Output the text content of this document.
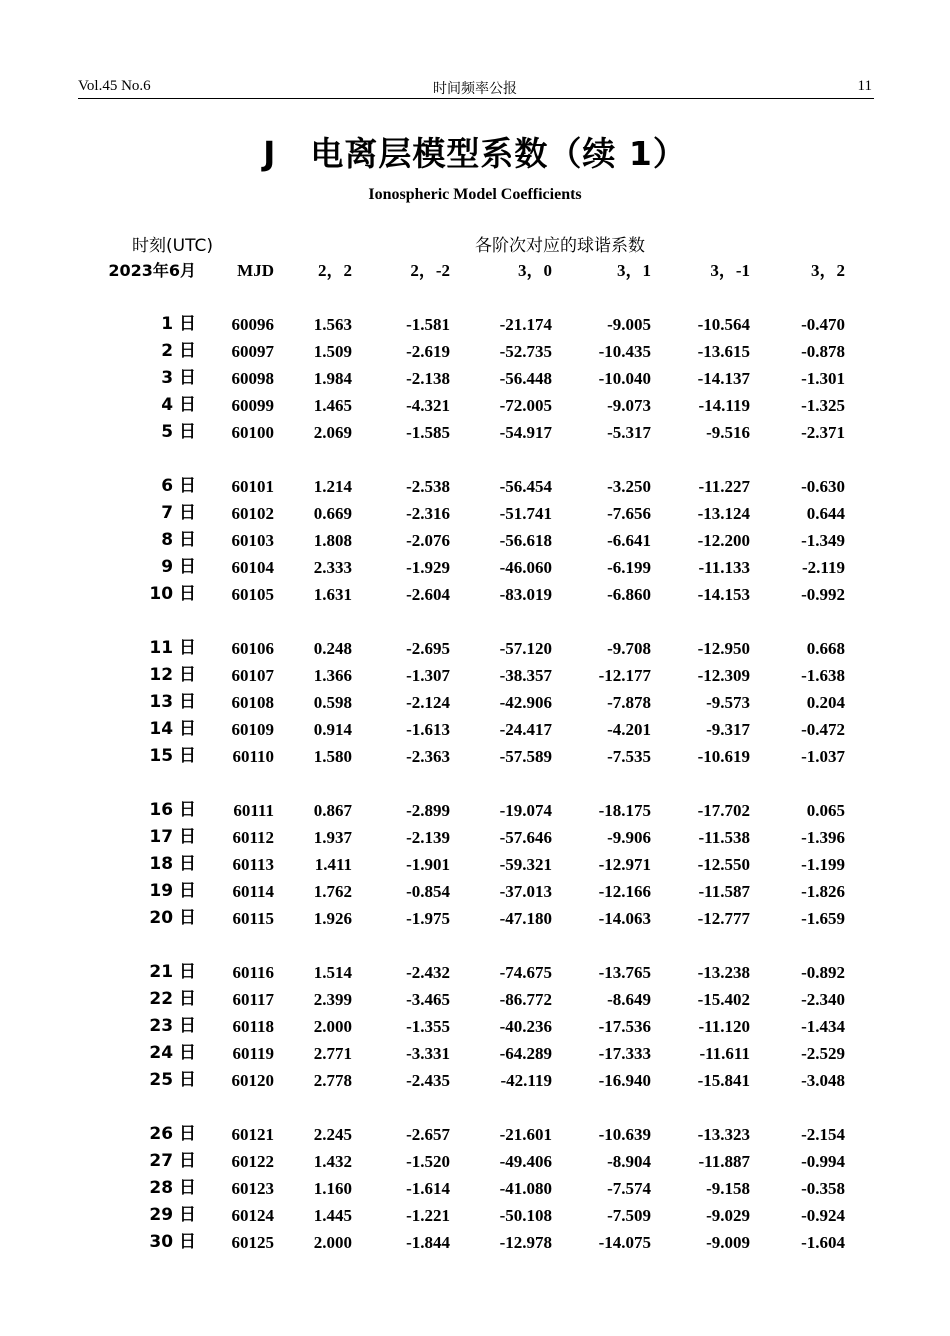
Vol.45 No.6	时间频率公报	11
J　电离层模型系数（续 1）
Ionospheric Model Coefficients
时刻(UTC)	各阶次对应的球谐系数
2023年6月	MJD	2，2	2，-2	3，0	3，1	3，-1	3，2

1 日	60096	1.563	-1.581	-21.174	-9.005	-10.564	-0.470
2 日	60097	1.509	-2.619	-52.735	-10.435	-13.615	-0.878
3 日	60098	1.984	-2.138	-56.448	-10.040	-14.137	-1.301
4 日	60099	1.465	-4.321	-72.005	-9.073	-14.119	-1.325
5 日	60100	2.069	-1.585	-54.917	-5.317	-9.516	-2.371

6 日	60101	1.214	-2.538	-56.454	-3.250	-11.227	-0.630
7 日	60102	0.669	-2.316	-51.741	-7.656	-13.124	0.644
8 日	60103	1.808	-2.076	-56.618	-6.641	-12.200	-1.349
9 日	60104	2.333	-1.929	-46.060	-6.199	-11.133	-2.119
10 日	60105	1.631	-2.604	-83.019	-6.860	-14.153	-0.992

11 日	60106	0.248	-2.695	-57.120	-9.708	-12.950	0.668
12 日	60107	1.366	-1.307	-38.357	-12.177	-12.309	-1.638
13 日	60108	0.598	-2.124	-42.906	-7.878	-9.573	0.204
14 日	60109	0.914	-1.613	-24.417	-4.201	-9.317	-0.472
15 日	60110	1.580	-2.363	-57.589	-7.535	-10.619	-1.037

16 日	60111	0.867	-2.899	-19.074	-18.175	-17.702	0.065
17 日	60112	1.937	-2.139	-57.646	-9.906	-11.538	-1.396
18 日	60113	1.411	-1.901	-59.321	-12.971	-12.550	-1.199
19 日	60114	1.762	-0.854	-37.013	-12.166	-11.587	-1.826
20 日	60115	1.926	-1.975	-47.180	-14.063	-12.777	-1.659

21 日	60116	1.514	-2.432	-74.675	-13.765	-13.238	-0.892
22 日	60117	2.399	-3.465	-86.772	-8.649	-15.402	-2.340
23 日	60118	2.000	-1.355	-40.236	-17.536	-11.120	-1.434
24 日	60119	2.771	-3.331	-64.289	-17.333	-11.611	-2.529
25 日	60120	2.778	-2.435	-42.119	-16.940	-15.841	-3.048

26 日	60121	2.245	-2.657	-21.601	-10.639	-13.323	-2.154
27 日	60122	1.432	-1.520	-49.406	-8.904	-11.887	-0.994
28 日	60123	1.160	-1.614	-41.080	-7.574	-9.158	-0.358
29 日	60124	1.445	-1.221	-50.108	-7.509	-9.029	-0.924
30 日	60125	2.000	-1.844	-12.978	-14.075	-9.009	-1.604
